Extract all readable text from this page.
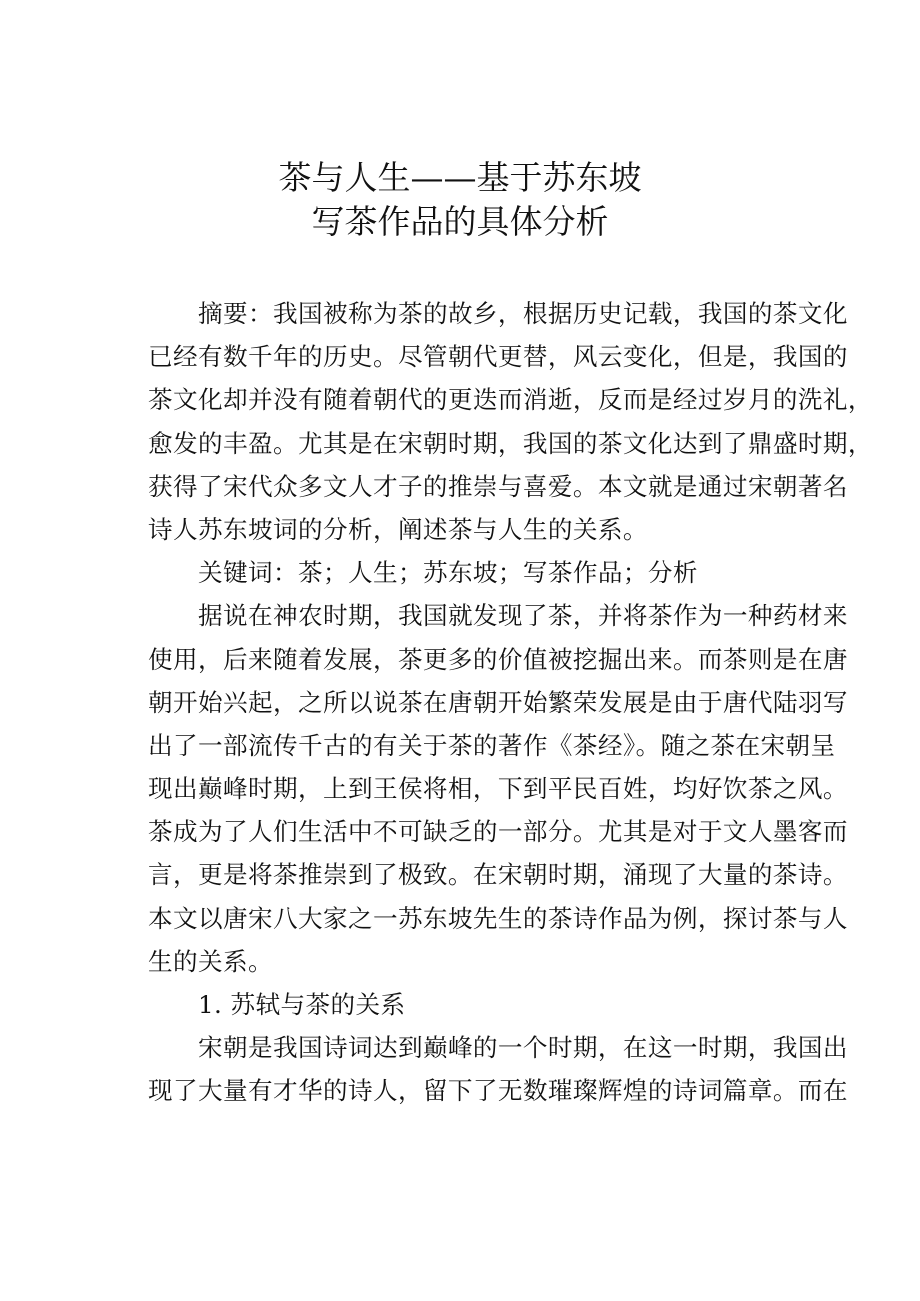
茶与人生——基于苏东坡
写茶作品的具体分析
摘要：我国被称为茶的故乡，根据历史记载，我国的茶文化
已经有数千年的历史。尽管朝代更替，风云变化，但是，我国的
茶文化却并没有随着朝代的更迭而消逝，反而是经过岁月的洗礼，
愈发的丰盈。尤其是在宋朝时期，我国的茶文化达到了鼎盛时期，
获得了宋代众多文人才子的推崇与喜爱。本文就是通过宋朝著名
诗人苏东坡词的分析，阐述茶与人生的关系。
关键词：茶；人生；苏东坡；写茶作品；分析
据说在神农时期，我国就发现了茶，并将茶作为一种药材来
使用，后来随着发展，茶更多的价值被挖掘出来。而茶则是在唐
朝开始兴起，之所以说茶在唐朝开始繁荣发展是由于唐代陆羽写
出了一部流传千古的有关于茶的著作《茶经》。随之茶在宋朝呈
现出巅峰时期，上到王侯将相，下到平民百姓，均好饮茶之风。
茶成为了人们生活中不可缺乏的一部分。尤其是对于文人墨客而
言，更是将茶推崇到了极致。在宋朝时期，涌现了大量的茶诗。
本文以唐宋八大家之一苏东坡先生的茶诗作品为例，探讨茶与人
生的关系。
1. 苏轼与茶的关系
宋朝是我国诗词达到巅峰的一个时期，在这一时期，我国出
现了大量有才华的诗人，留下了无数璀璨辉煌的诗词篇章。而在
